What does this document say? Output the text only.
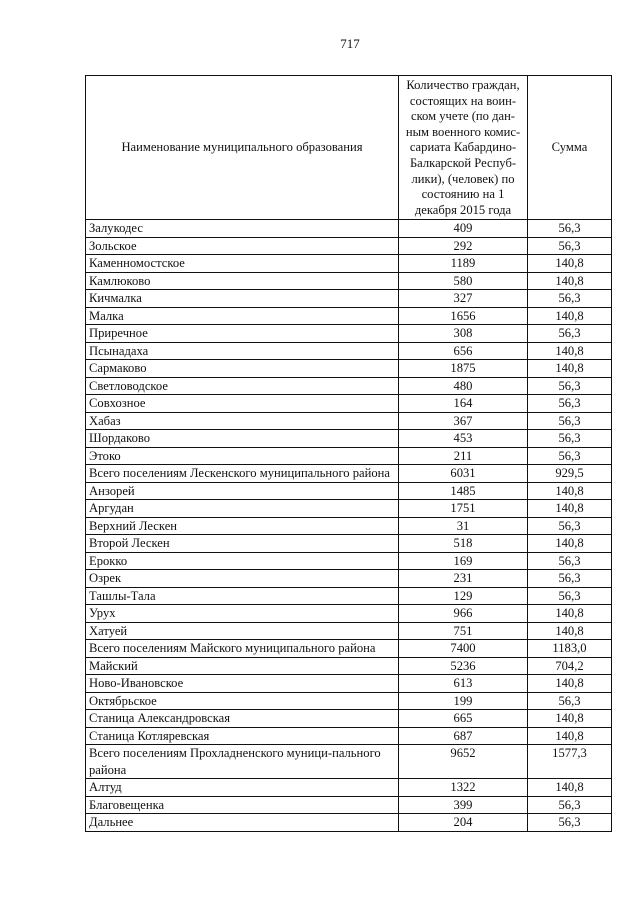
717
Наименование муниципального образования	Количество граждан, состоящих на воин-ском учете (по дан-ным военного комис-сариата Кабардино-Балкарской Респуб-лики), (человек) по состоянию на 1 декабря 2015 года	Сумма
Залукодес	409	56,3
Зольское	292	56,3
Каменномостское	1189	140,8
Камлюково	580	140,8
Кичмалка	327	56,3
Малка	1656	140,8
Приречное	308	56,3
Псынадаха	656	140,8
Сармаково	1875	140,8
Светловодское	480	56,3
Совхозное	164	56,3
Хабаз	367	56,3
Шордаково	453	56,3
Этоко	211	56,3
Всего поселениям Лескенского муниципального района	6031	929,5
Анзорей	1485	140,8
Аргудан	1751	140,8
Верхний Лескен	31	56,3
Второй Лескен	518	140,8
Ерокко	169	56,3
Озрек	231	56,3
Ташлы-Тала	129	56,3
Урух	966	140,8
Хатуей	751	140,8
Всего поселениям Майского муниципального района	7400	1183,0
Майский	5236	704,2
Ново-Ивановское	613	140,8
Октябрьское	199	56,3
Станица Александровская	665	140,8
Станица Котляревская	687	140,8
Всего поселениям Прохладненского муници-пального района	9652	1577,3
Алтуд	1322	140,8
Благовещенка	399	56,3
Дальнее	204	56,3
